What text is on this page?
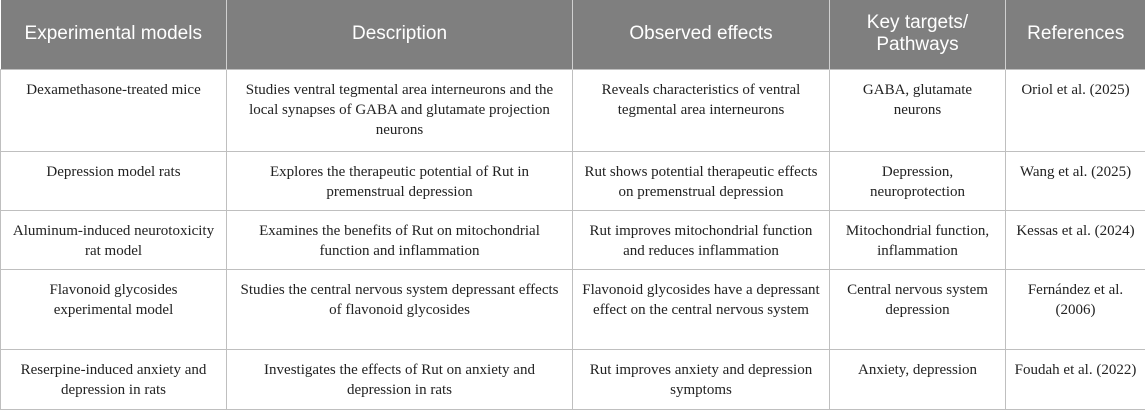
Experimental models	Description	Observed effects	Key targets/ Pathways	References
Dexamethasone-treated mice	Studies ventral tegmental area interneurons and the local synapses of GABA and glutamate projection neurons	Reveals characteristics of ventral tegmental area interneurons	GABA, glutamate neurons	Oriol et al. (2025)
Depression model rats	Explores the therapeutic potential of Rut in premenstrual depression	Rut shows potential therapeutic effects on premenstrual depression	Depression, neuroprotection	Wang et al. (2025)
Aluminum-induced neurotoxicity rat model	Examines the benefits of Rut on mitochondrial function and inflammation	Rut improves mitochondrial function and reduces inflammation	Mitochondrial function, inflammation	Kessas et al. (2024)
Flavonoid glycosides experimental model	Studies the central nervous system depressant effects of flavonoid glycosides	Flavonoid glycosides have a depressant effect on the central nervous system	Central nervous system depression	Fernández et al. (2006)
Reserpine-induced anxiety and depression in rats	Investigates the effects of Rut on anxiety and depression in rats	Rut improves anxiety and depression symptoms	Anxiety, depression	Foudah et al. (2022)
